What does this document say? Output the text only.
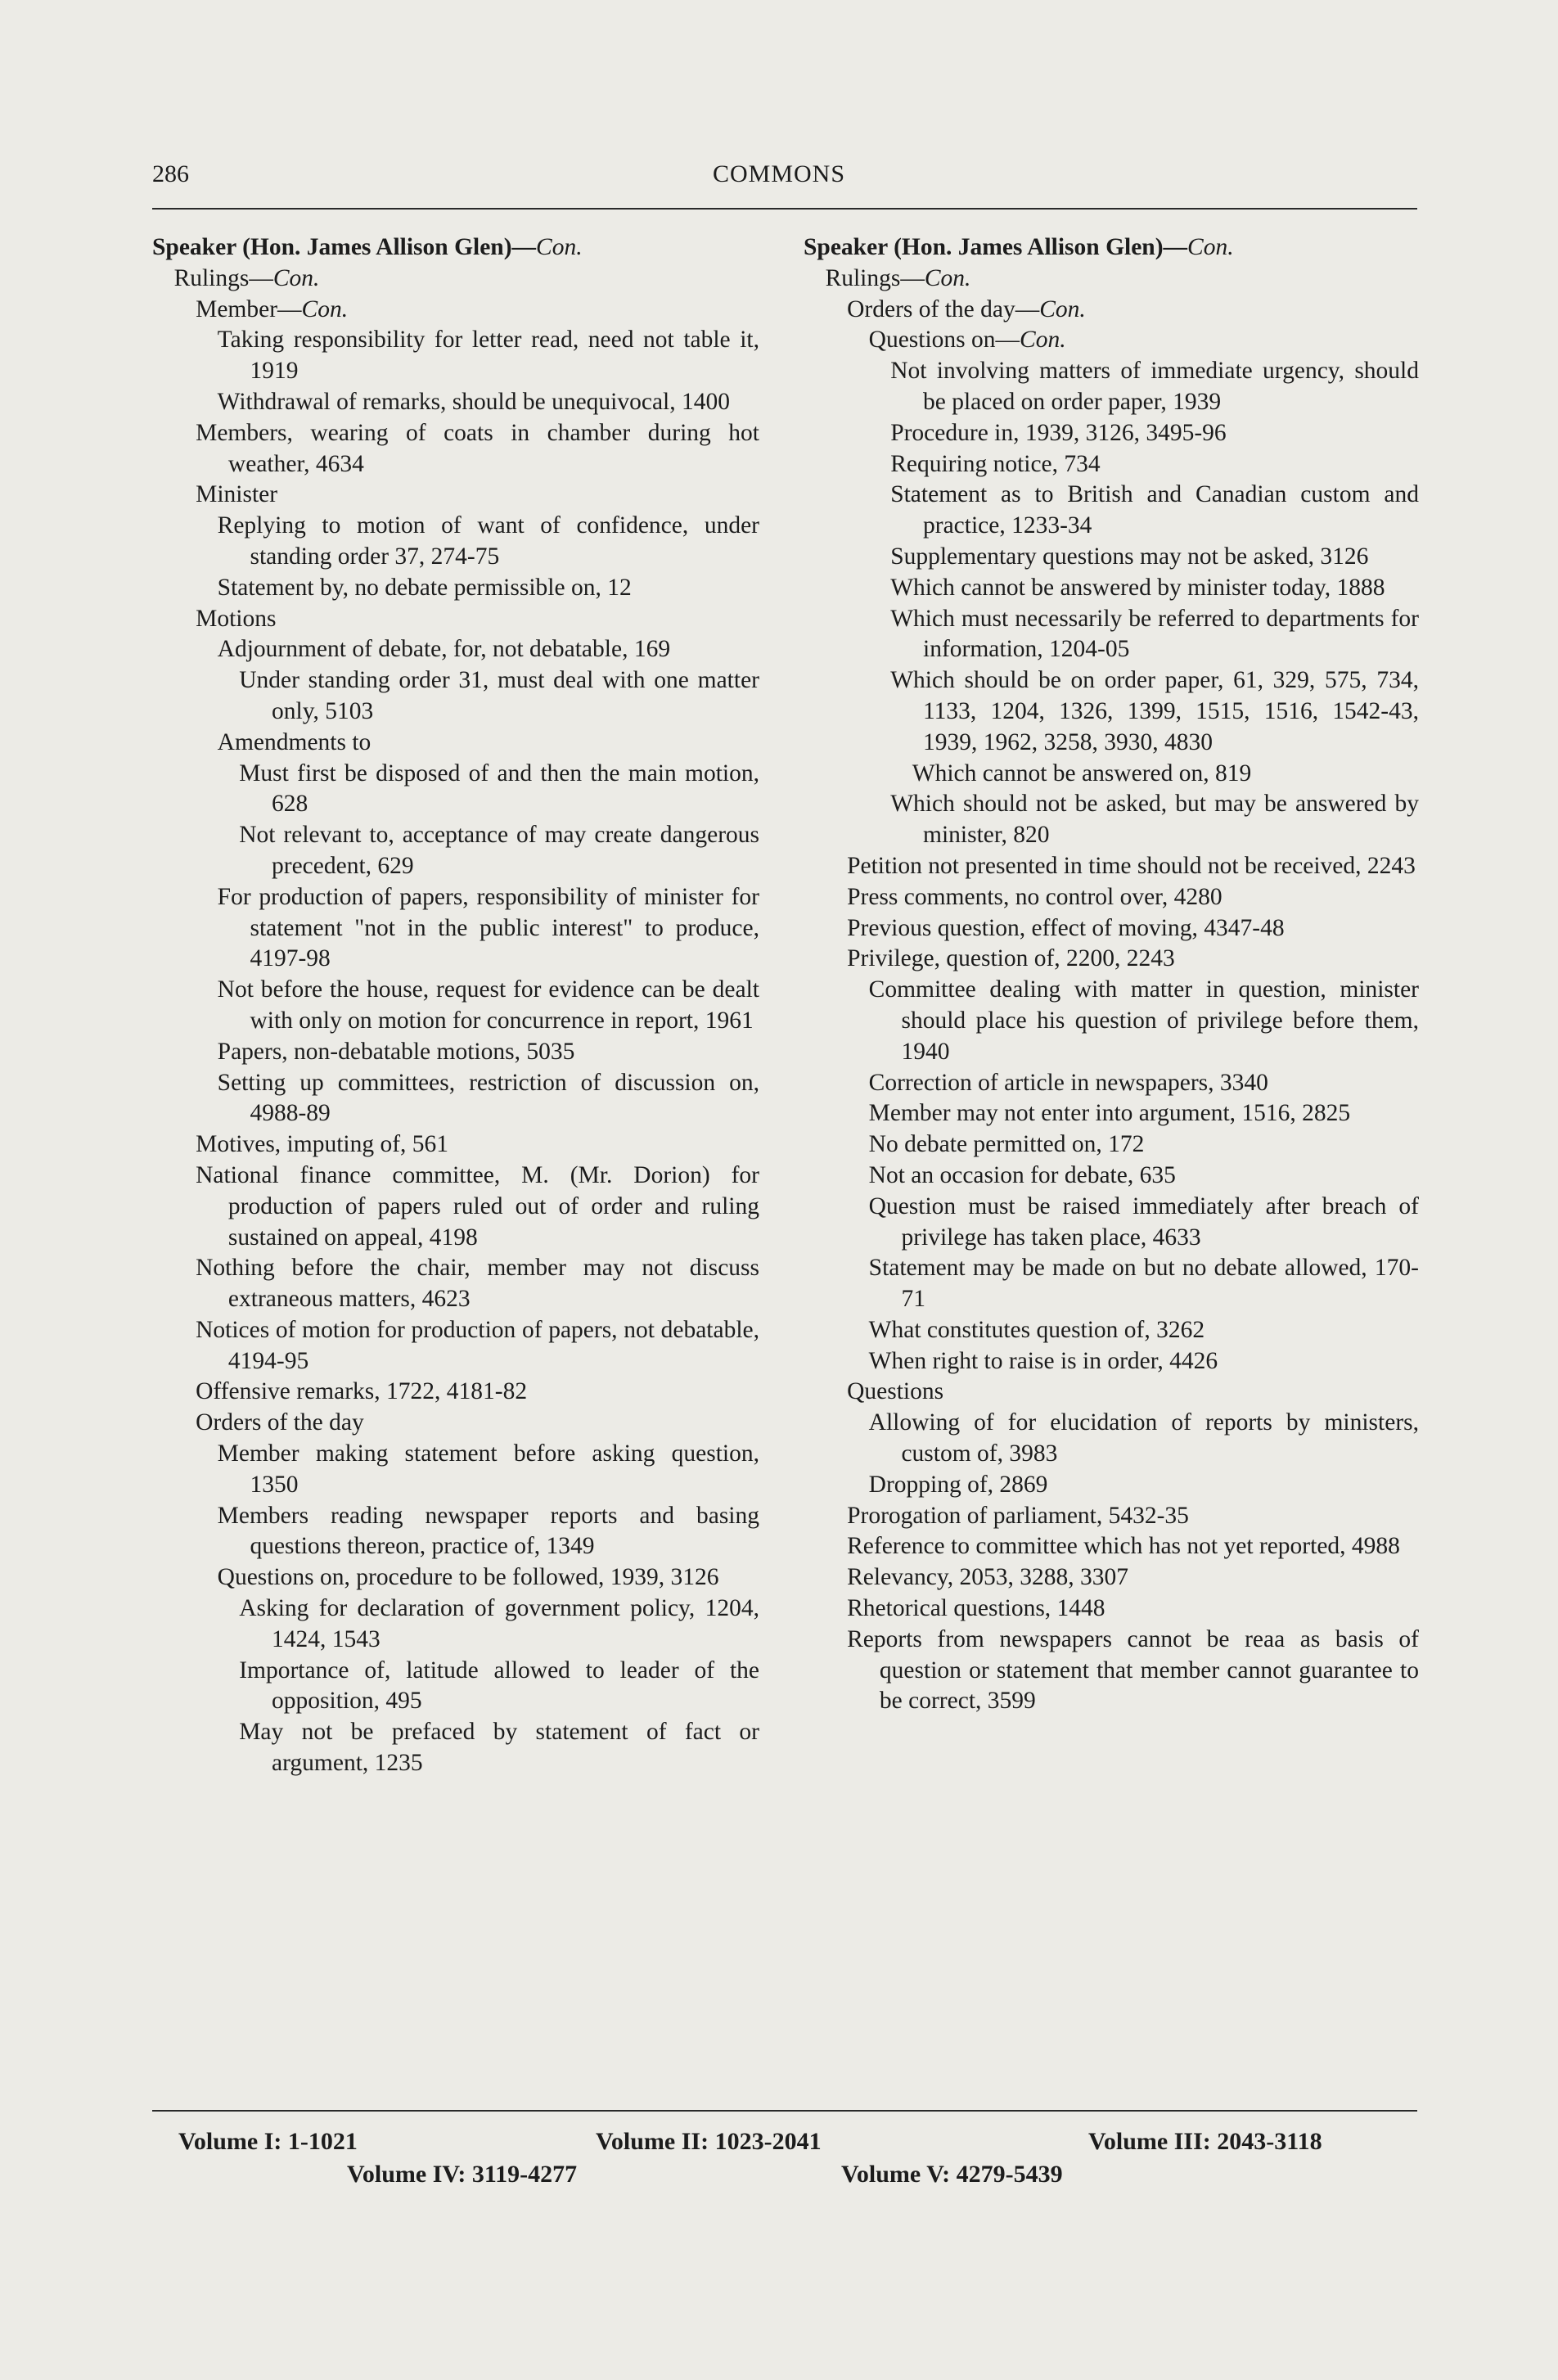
286	COMMONS
Speaker (Hon. James Allison Glen)—Con.
Rulings—Con.
Member—Con.
Taking responsibility for letter read, need not table it, 1919
Withdrawal of remarks, should be unequivocal, 1400
Members, wearing of coats in chamber during hot weather, 4634
Minister
Replying to motion of want of confidence, under standing order 37, 274-75
Statement by, no debate permissible on, 12
Motions
Adjournment of debate, for, not debatable, 169
Under standing order 31, must deal with one matter only, 5103
Amendments to
Must first be disposed of and then the main motion, 628
Not relevant to, acceptance of may create dangerous precedent, 629
For production of papers, responsibility of minister for statement "not in the public interest" to produce, 4197-98
Not before the house, request for evidence can be dealt with only on motion for concurrence in report, 1961
Papers, non-debatable motions, 5035
Setting up committees, restriction of discussion on, 4988-89
Motives, imputing of, 561
National finance committee, M. (Mr. Dorion) for production of papers ruled out of order and ruling sustained on appeal, 4198
Nothing before the chair, member may not discuss extraneous matters, 4623
Notices of motion for production of papers, not debatable, 4194-95
Offensive remarks, 1722, 4181-82
Orders of the day
Member making statement before asking question, 1350
Members reading newspaper reports and basing questions thereon, practice of, 1349
Questions on, procedure to be followed, 1939, 3126
Asking for declaration of government policy, 1204, 1424, 1543
Importance of, latitude allowed to leader of the opposition, 495
May not be prefaced by statement of fact or argument, 1235
Speaker (Hon. James Allison Glen)—Con.
Rulings—Con.
Orders of the day—Con.
Questions on—Con.
Not involving matters of immediate urgency, should be placed on order paper, 1939
Procedure in, 1939, 3126, 3495-96
Requiring notice, 734
Statement as to British and Canadian custom and practice, 1233-34
Supplementary questions may not be asked, 3126
Which cannot be answered by minister today, 1888
Which must necessarily be referred to departments for information, 1204-05
Which should be on order paper, 61, 329, 575, 734, 1133, 1204, 1326, 1399, 1515, 1516, 1542-43, 1939, 1962, 3258, 3930, 4830
Which cannot be answered on, 819
Which should not be asked, but may be answered by minister, 820
Petition not presented in time should not be received, 2243
Press comments, no control over, 4280
Previous question, effect of moving, 4347-48
Privilege, question of, 2200, 2243
Committee dealing with matter in question, minister should place his question of privilege before them, 1940
Correction of article in newspapers, 3340
Member may not enter into argument, 1516, 2825
No debate permitted on, 172
Not an occasion for debate, 635
Question must be raised immediately after breach of privilege has taken place, 4633
Statement may be made on but no debate allowed, 170-71
What constitutes question of, 3262
When right to raise is in order, 4426
Questions
Allowing of for elucidation of reports by ministers, custom of, 3983
Dropping of, 2869
Prorogation of parliament, 5432-35
Reference to committee which has not yet reported, 4988
Relevancy, 2053, 3288, 3307
Rhetorical questions, 1448
Reports from newspapers cannot be reaa as basis of question or statement that member cannot guarantee to be correct, 3599
Volume I: 1-1021	Volume II: 1023-2041	Volume III: 2043-3118
Volume IV: 3119-4277	Volume V: 4279-5439
